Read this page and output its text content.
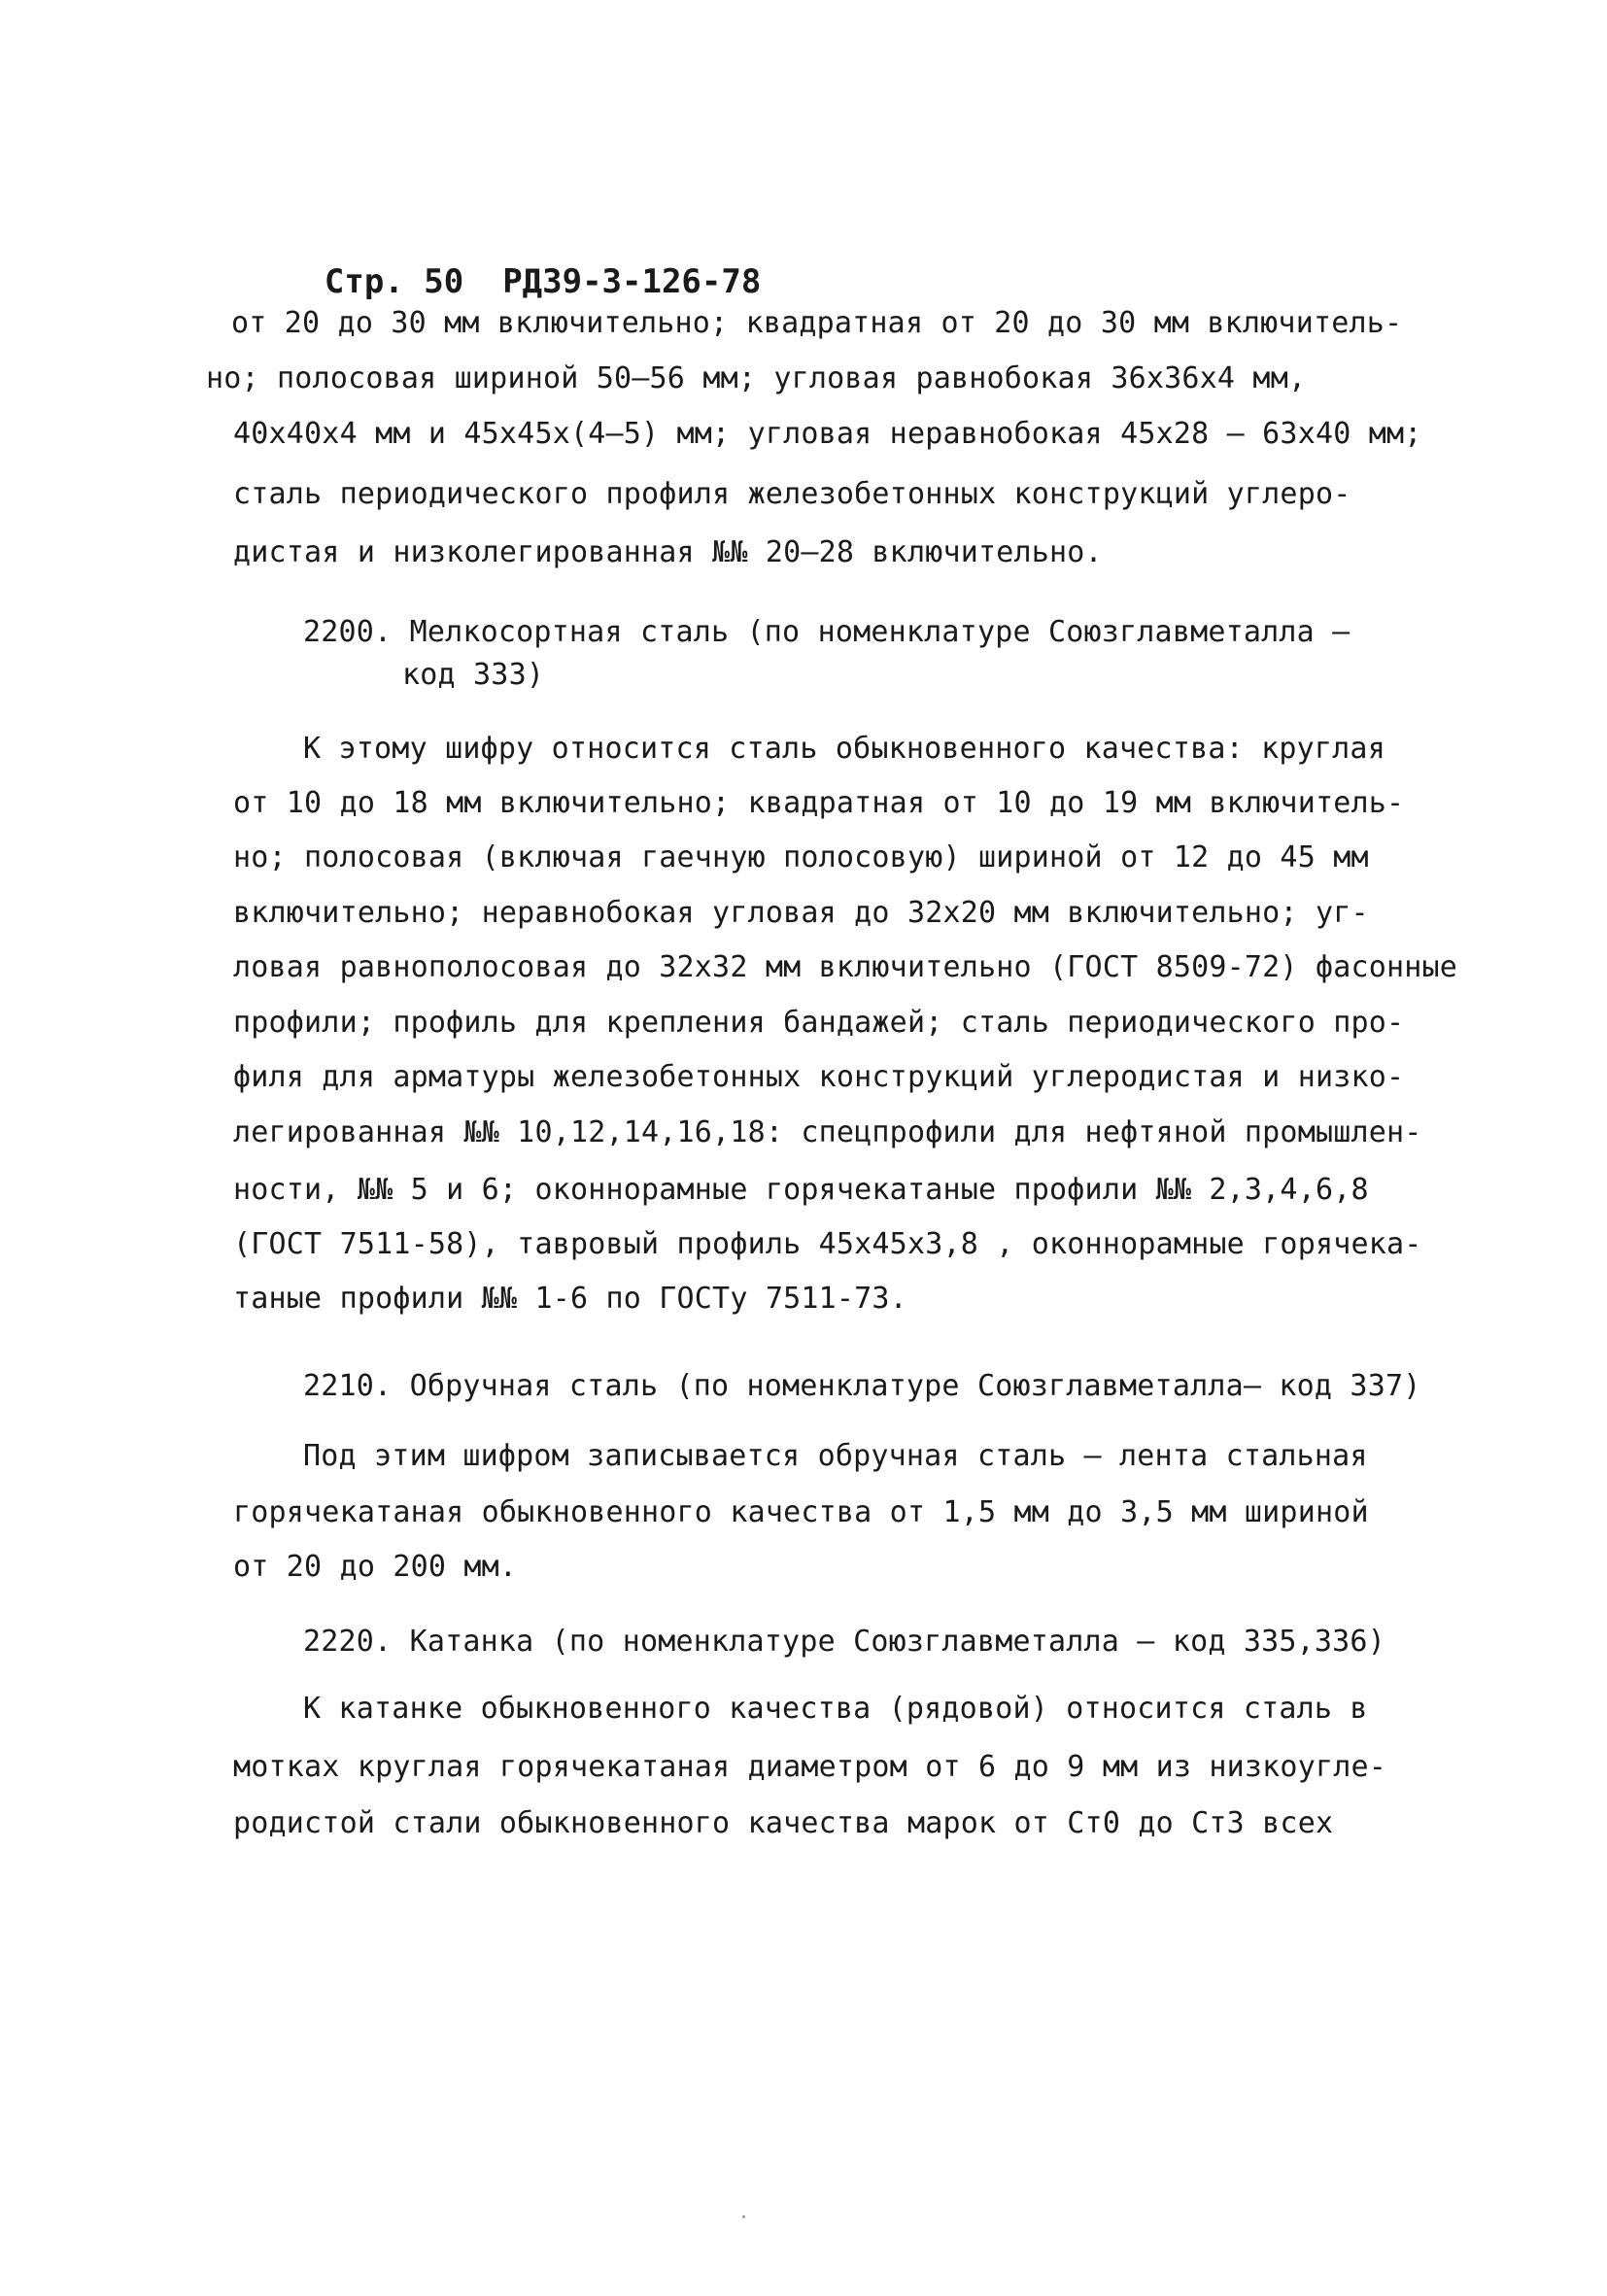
Стр. 50 РД39-3-126-78

от 20 до 30 мм включительно; квадратная от 20 до 30 мм включитель-
но; полосовая шириной 50–56 мм; угловая равнобокая 36х36х4 мм,
40х40х4 мм и 45х45х(4–5) мм; угловая неравнобокая 45х28 – 63х40 мм;
сталь периодического профиля железобетонных конструкций углеро-
дистая и низколегированная №№ 20–28 включительно.
2200. Мелкосортная сталь (по номенклатуре Союзглавметалла –
код 333)
К этому шифру относится сталь обыкновенного качества: круглая
от 10 до 18 мм включительно; квадратная от 10 до 19 мм включитель-
но; полосовая (включая гаечную полосовую) шириной от 12 до 45 мм
включительно; неравнобокая угловая до 32х20 мм включительно; уг-
ловая равнополосовая до 32х32 мм включительно (ГОСТ 8509-72) фасонные
профили; профиль для крепления бандажей; сталь периодического про-
филя для арматуры железобетонных конструкций углеродистая и низко-
легированная №№ 10,12,14,16,18: спецпрофили для нефтяной промышлен-
ности, №№ 5 и 6; оконнорамные горячекатаные профили №№ 2,3,4,6,8
(ГОСТ 7511-58), тавровый профиль 45х45х3,8 , оконнорамные горячека-
таные профили №№ 1-6 по ГОСТу 7511-73.
2210. Обручная сталь (по номенклатуре Союзглавметалла– код 337)
Под этим шифром записывается обручная сталь – лента стальная
горячекатаная обыкновенного качества от 1,5 мм до 3,5 мм шириной
от 20 до 200 мм.
2220. Катанка (по номенклатуре Союзглавметалла – код 335,336)
К катанке обыкновенного качества (рядовой) относится сталь в
мотках круглая горячекатаная диаметром от 6 до 9 мм из низкоугле-
родистой стали обыкновенного качества марок от Ст0 до Ст3 всех
